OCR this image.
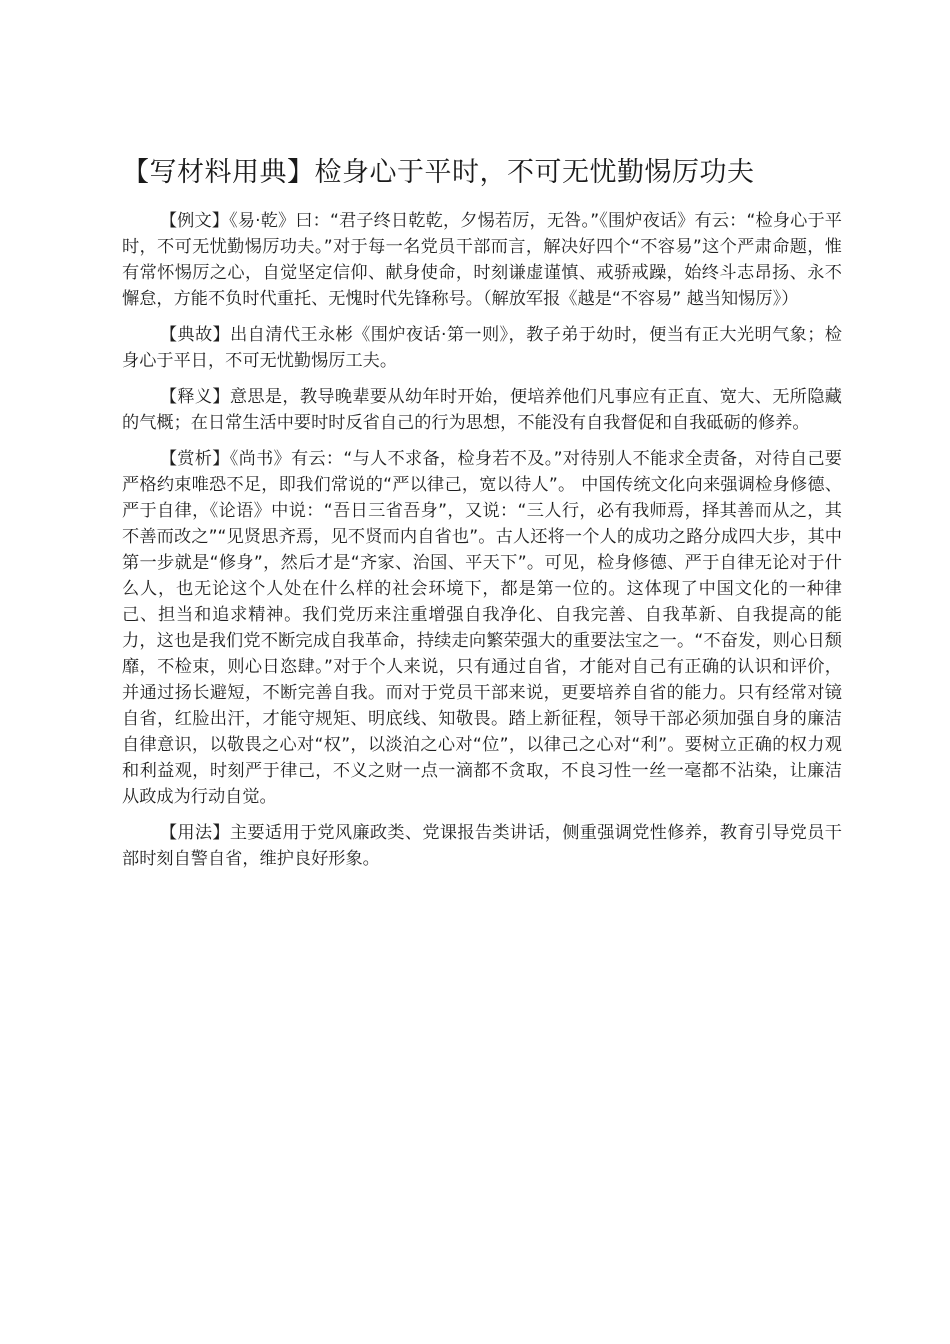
【写材料用典】检身心于平时，不可无忧勤惕厉功夫

【例文】《易·乾》曰：“君子终日乾乾，夕惕若厉，无咎。”《围炉夜话》有云：“检身心于平时，不可无忧勤惕厉功夫。”对于每一名党员干部而言，解决好四个“不容易”这个严肃命题，惟有常怀惕厉之心，自觉坚定信仰、献身使命，时刻谦虚谨慎、戒骄戒躁，始终斗志昂扬、永不懈怠，方能不负时代重托、无愧时代先锋称号。（解放军报《越是“不容易” 越当知惕厉》）

【典故】出自清代王永彬《围炉夜话·第一则》，教子弟于幼时，便当有正大光明气象；检身心于平日，不可无忧勤惕厉工夫。

【释义】意思是，教导晚辈要从幼年时开始，便培养他们凡事应有正直、宽大、无所隐藏的气概；在日常生活中要时时反省自己的行为思想，不能没有自我督促和自我砥砺的修养。

【赏析】《尚书》有云：“与人不求备，检身若不及。”对待别人不能求全责备，对待自己要严格约束唯恐不足，即我们常说的“严以律己，宽以待人”。 中国传统文化向来强调检身修德、严于自律，《论语》中说：“吾日三省吾身”，又说：“三人行，必有我师焉，择其善而从之，其不善而改之”“见贤思齐焉，见不贤而内自省也”。古人还将一个人的成功之路分成四大步，其中第一步就是“修身”，然后才是“齐家、治国、平天下”。可见，检身修德、严于自律无论对于什么人，也无论这个人处在什么样的社会环境下，都是第一位的。这体现了中国文化的一种律己、担当和追求精神。我们党历来注重增强自我净化、自我完善、自我革新、自我提高的能力，这也是我们党不断完成自我革命，持续走向繁荣强大的重要法宝之一。“不奋发，则心日颓靡，不检束，则心日恣肆。”对于个人来说，只有通过自省，才能对自己有正确的认识和评价，并通过扬长避短，不断完善自我。而对于党员干部来说，更要培养自省的能力。只有经常对镜自省，红脸出汗，才能守规矩、明底线、知敬畏。踏上新征程，领导干部必须加强自身的廉洁自律意识，以敬畏之心对“权”，以淡泊之心对“位”，以律己之心对“利”。要树立正确的权力观和利益观，时刻严于律己，不义之财一点一滴都不贪取，不良习性一丝一毫都不沾染，让廉洁从政成为行动自觉。

【用法】主要适用于党风廉政类、党课报告类讲话，侧重强调党性修养，教育引导党员干部时刻自警自省，维护良好形象。
